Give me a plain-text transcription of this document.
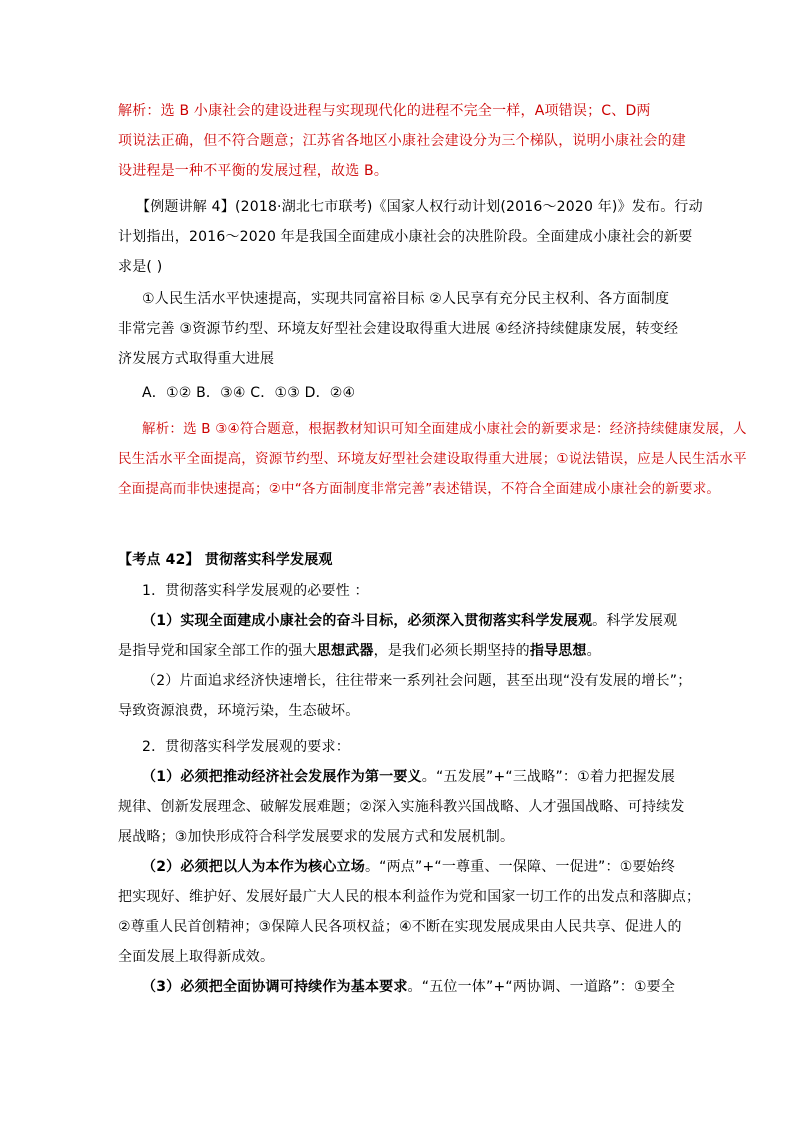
解析：选 B 小康社会的建设进程与实现现代化的进程不完全一样，A项错误；C、D两
项说法正确，但不符合题意；江苏省各地区小康社会建设分为三个梯队，说明小康社会的建
设进程是一种不平衡的发展过程，故选 B。
【例题讲解 4】(2018·湖北七市联考)《国家人权行动计划(2016～2020 年)》发布。行动
计划指出，2016～2020 年是我国全面建成小康社会的决胜阶段。全面建成小康社会的新要
求是( )
①人民生活水平快速提高，实现共同富裕目标 ②人民享有充分民主权利、各方面制度
非常完善 ③资源节约型、环境友好型社会建设取得重大进展 ④经济持续健康发展，转变经
济发展方式取得重大进展
A．①② B．③④ C．①③ D．②④
解析：选 B ③④符合题意，根据教材知识可知全面建成小康社会的新要求是：经济持续健康发展，人
民生活水平全面提高，资源节约型、环境友好型社会建设取得重大进展；①说法错误，应是人民生活水平
全面提高而非快速提高；②中“各方面制度非常完善”表述错误，不符合全面建成小康社会的新要求。
【考点 42】 贯彻落实科学发展观
1．贯彻落实科学发展观的必要性 ：
（1）实现全面建成小康社会的奋斗目标，必须深入贯彻落实科学发展观。科学发展观
是指导党和国家全部工作的强大思想武器，是我们必须长期坚持的指导思想。
（2）片面追求经济快速增长，往往带来一系列社会问题，甚至出现“没有发展的增长”；
导致资源浪费，环境污染，生态破坏。
2．贯彻落实科学发展观的要求：
（1）必须把推动经济社会发展作为第一要义。“五发展”+“三战略”：①着力把握发展
规律、创新发展理念、破解发展难题；②深入实施科教兴国战略、人才强国战略、可持续发
展战略；③加快形成符合科学发展要求的发展方式和发展机制。
（2）必须把以人为本作为核心立场。“两点”+“一尊重、一保障、一促进”：①要始终
把实现好、维护好、发展好最广大人民的根本利益作为党和国家一切工作的出发点和落脚点；
②尊重人民首创精神；③保障人民各项权益；④不断在实现发展成果由人民共享、促进人的
全面发展上取得新成效。
（3）必须把全面协调可持续作为基本要求。“五位一体”+“两协调、一道路”：①要全
